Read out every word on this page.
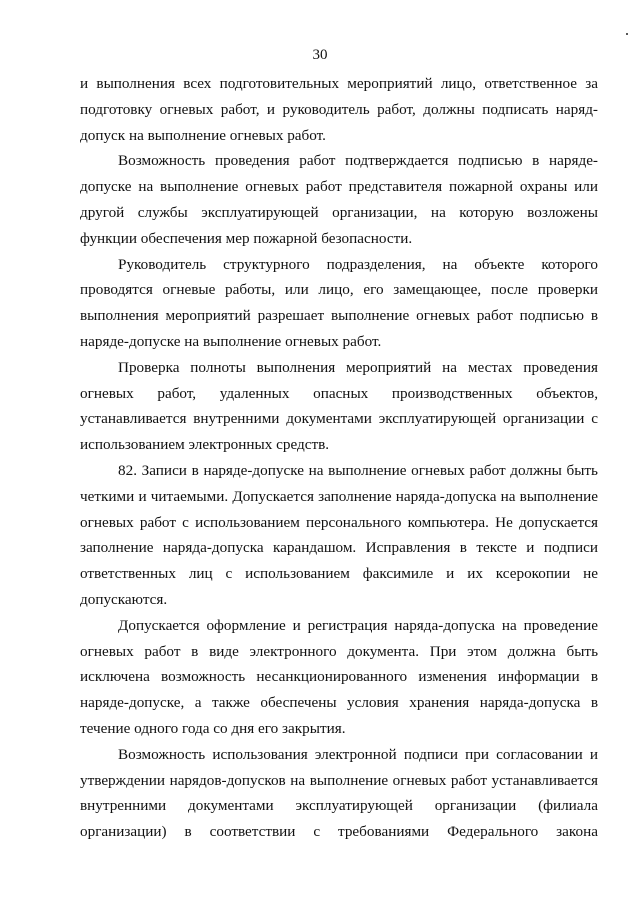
30

и выполнения всех подготовительных мероприятий лицо, ответственное за подготовку огневых работ, и руководитель работ, должны подписать наряд-допуск на выполнение огневых работ.

Возможность проведения работ подтверждается подписью в наряде-допуске на выполнение огневых работ представителя пожарной охраны или другой службы эксплуатирующей организации, на которую возложены функции обеспечения мер пожарной безопасности.

Руководитель структурного подразделения, на объекте которого проводятся огневые работы, или лицо, его замещающее, после проверки выполнения мероприятий разрешает выполнение огневых работ подписью в наряде-допуске на выполнение огневых работ.

Проверка полноты выполнения мероприятий на местах проведения огневых работ, удаленных опасных производственных объектов, устанавливается внутренними документами эксплуатирующей организации с использованием электронных средств.

82. Записи в наряде-допуске на выполнение огневых работ должны быть четкими и читаемыми. Допускается заполнение наряда-допуска на выполнение огневых работ с использованием персонального компьютера. Не допускается заполнение наряда-допуска карандашом. Исправления в тексте и подписи ответственных лиц с использованием факсимиле и их ксерокопии не допускаются.

Допускается оформление и регистрация наряда-допуска на проведение огневых работ в виде электронного документа. При этом должна быть исключена возможность несанкционированного изменения информации в наряде-допуске, а также обеспечены условия хранения наряда-допуска в течение одного года со дня его закрытия.

Возможность использования электронной подписи при согласовании и утверждении нарядов-допусков на выполнение огневых работ устанавливается внутренними документами эксплуатирующей организации (филиала организации) в соответствии с требованиями Федерального закона
